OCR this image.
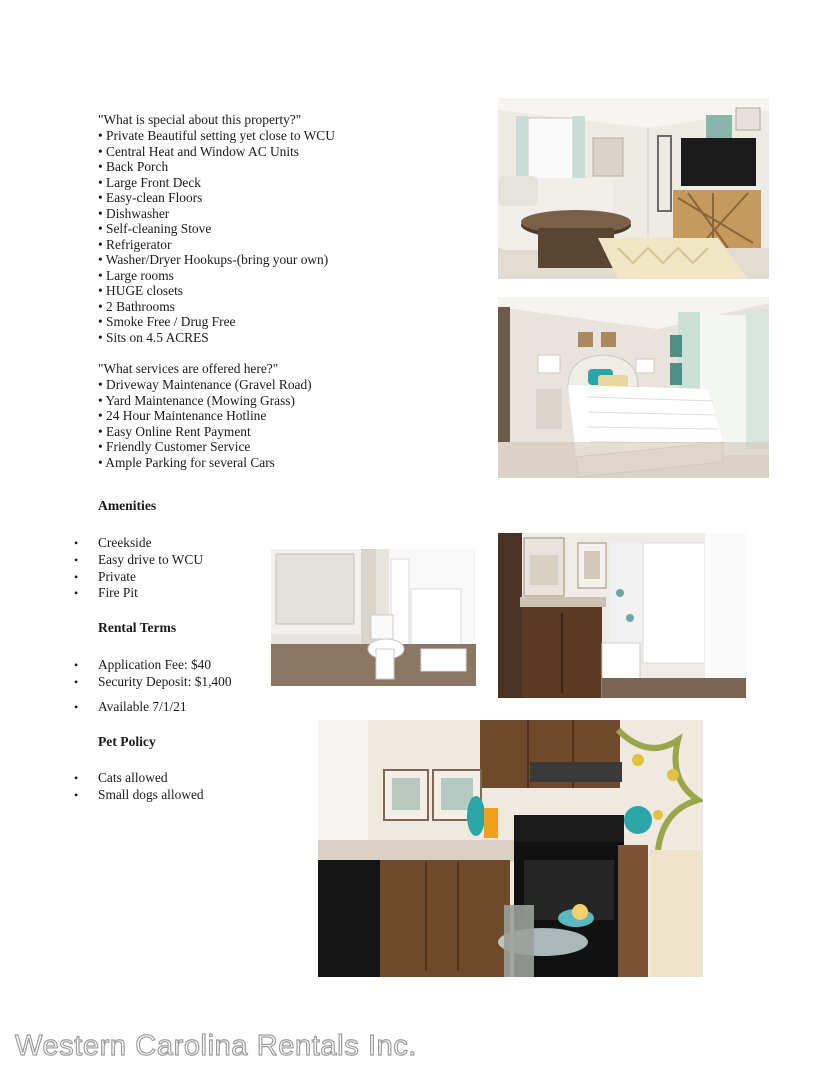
"What is special about this property?"
• Private Beautiful setting yet close to WCU
• Central Heat and Window AC Units
• Back Porch
• Large Front Deck
• Easy-clean Floors
• Dishwasher
• Self-cleaning Stove
• Refrigerator
• Washer/Dryer Hookups-(bring your own)
• Large rooms
• HUGE closets
• 2 Bathrooms
• Smoke Free / Drug Free
• Sits on 4.5 ACRES
"What services are offered here?"
• Driveway Maintenance (Gravel Road)
• Yard Maintenance (Mowing Grass)
• 24 Hour Maintenance Hotline
• Easy Online Rent Payment
• Friendly Customer Service
• Ample Parking for several Cars
Amenities
• Creekside
• Easy drive to WCU
• Private
• Fire Pit
Rental Terms
• Application Fee: $40
• Security Deposit: $1,400
• Available 7/1/21
Pet Policy
• Cats allowed
• Small dogs allowed
Western Carolina Rentals Inc.
